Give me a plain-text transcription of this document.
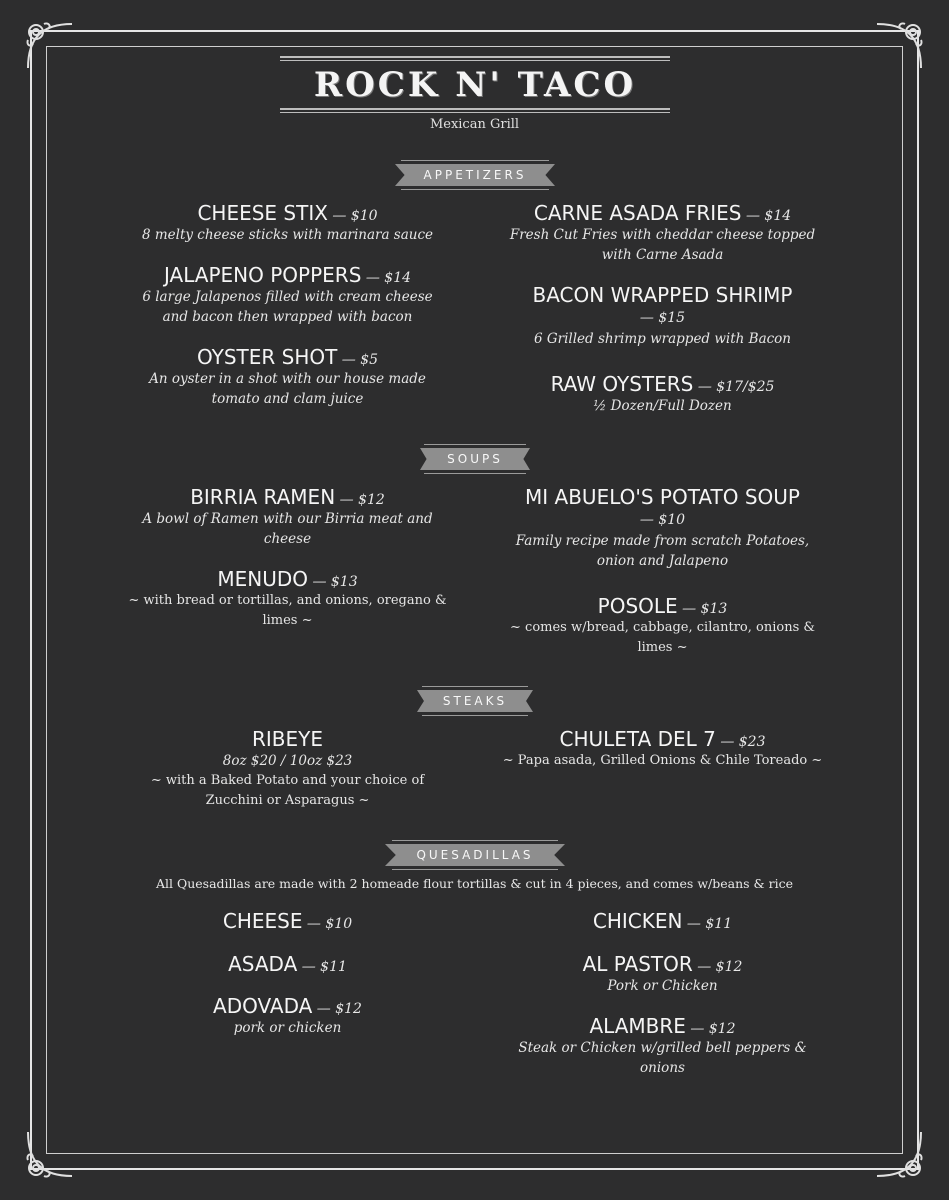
ROCK N' TACO
Mexican Grill
APPETIZERS
CHEESE STIX — $10
8 melty cheese sticks with marinara sauce
JALAPENO POPPERS — $14
6 large Jalapenos filled with cream cheese
and bacon then wrapped with bacon
OYSTER SHOT — $5
An oyster in a shot with our house made
tomato and clam juice
CARNE ASADA FRIES — $14
Fresh Cut Fries with cheddar cheese topped
with Carne Asada
BACON WRAPPED SHRIMP
— $15
6 Grilled shrimp wrapped with Bacon
RAW OYSTERS — $17/$25
½ Dozen/Full Dozen
SOUPS
BIRRIA RAMEN — $12
A bowl of Ramen with our Birria meat and
cheese
MENUDO — $13
~ with bread or tortillas, and onions, oregano &
limes ~
MI ABUELO'S POTATO SOUP
— $10
Family recipe made from scratch Potatoes,
onion and Jalapeno
POSOLE — $13
~ comes w/bread, cabbage, cilantro, onions &
limes ~
STEAKS
RIBEYE
8oz $20 / 10oz $23
~ with a Baked Potato and your choice of
Zucchini or Asparagus ~
CHULETA DEL 7 — $23
~ Papa asada, Grilled Onions & Chile Toreado ~
QUESADILLAS
All Quesadillas are made with 2 homeade flour tortillas & cut in 4 pieces, and comes w/beans & rice
CHEESE — $10
ASADA — $11
ADOVADA — $12
pork or chicken
CHICKEN — $11
AL PASTOR — $12
Pork or Chicken
ALAMBRE — $12
Steak or Chicken w/grilled bell peppers &
onions
